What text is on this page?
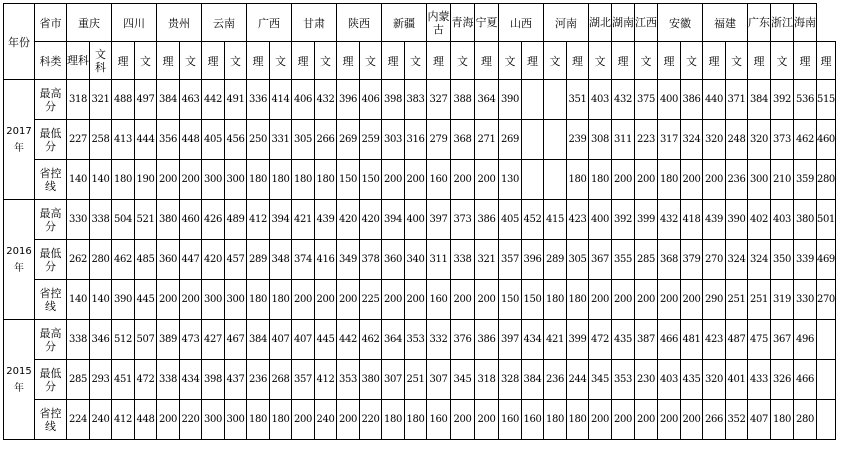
年份	省市	重庆		四川		贵州		云南		广西		甘肃		陕西		新疆		内蒙古	青海	宁夏	山西		河南		湖北	湖南	江西	安徽		福建		广东	浙江	海南	
	科类	理科	文科	理	文	理	文	理	文	理	文	理	文	理	文	理	文	理	文	理	文	理	文	理	文	理	文	理	文	理	文	理	文	理	理
2017年	最高分	318	321	488	497	384	463	442	491	336	414	406	432	396	406	398	383	327	388	364	390			351	403	432	375	400	386	440	371	384	392	536	515
	最低分	227	258	413	444	356	448	405	456	250	331	305	266	269	259	303	316	279	368	271	269			239	308	311	223	317	324	320	248	320	373	462	460
	省控线	140	140	180	190	200	200	300	300	180	180	180	180	150	150	200	200	160	200	200	130			180	180	200	200	180	200	200	236	300	210	359	280
2016年	最高分	330	338	504	521	380	460	426	489	412	394	421	439	420	420	394	400	397	373	386	405	452	415	423	400	392	399	432	418	439	390	402	403	380	501
	最低分	262	280	462	485	360	447	420	457	289	348	374	416	349	378	360	340	311	338	321	357	396	289	305	367	355	285	368	379	270	324	324	350	339	469
	省控线	140	140	390	445	200	200	300	300	180	180	200	200	200	225	200	200	160	200	200	150	150	180	180	200	200	200	200	200	290	251	251	319	330	270
2015年	最高分	338	346	512	507	389	473	427	467	384	407	407	445	442	462	364	353	332	376	386	397	434	421	399	472	435	387	466	481	423	487	475	367	496	
	最低分	285	293	451	472	338	434	398	437	236	268	357	412	353	380	307	251	307	345	318	328	384	236	244	345	353	230	403	435	320	401	433	326	466	
	省控线	224	240	412	448	200	220	300	300	180	180	200	240	200	220	180	180	160	200	200	160	160	180	180	200	200	200	200	200	266	352	407	180	280	
